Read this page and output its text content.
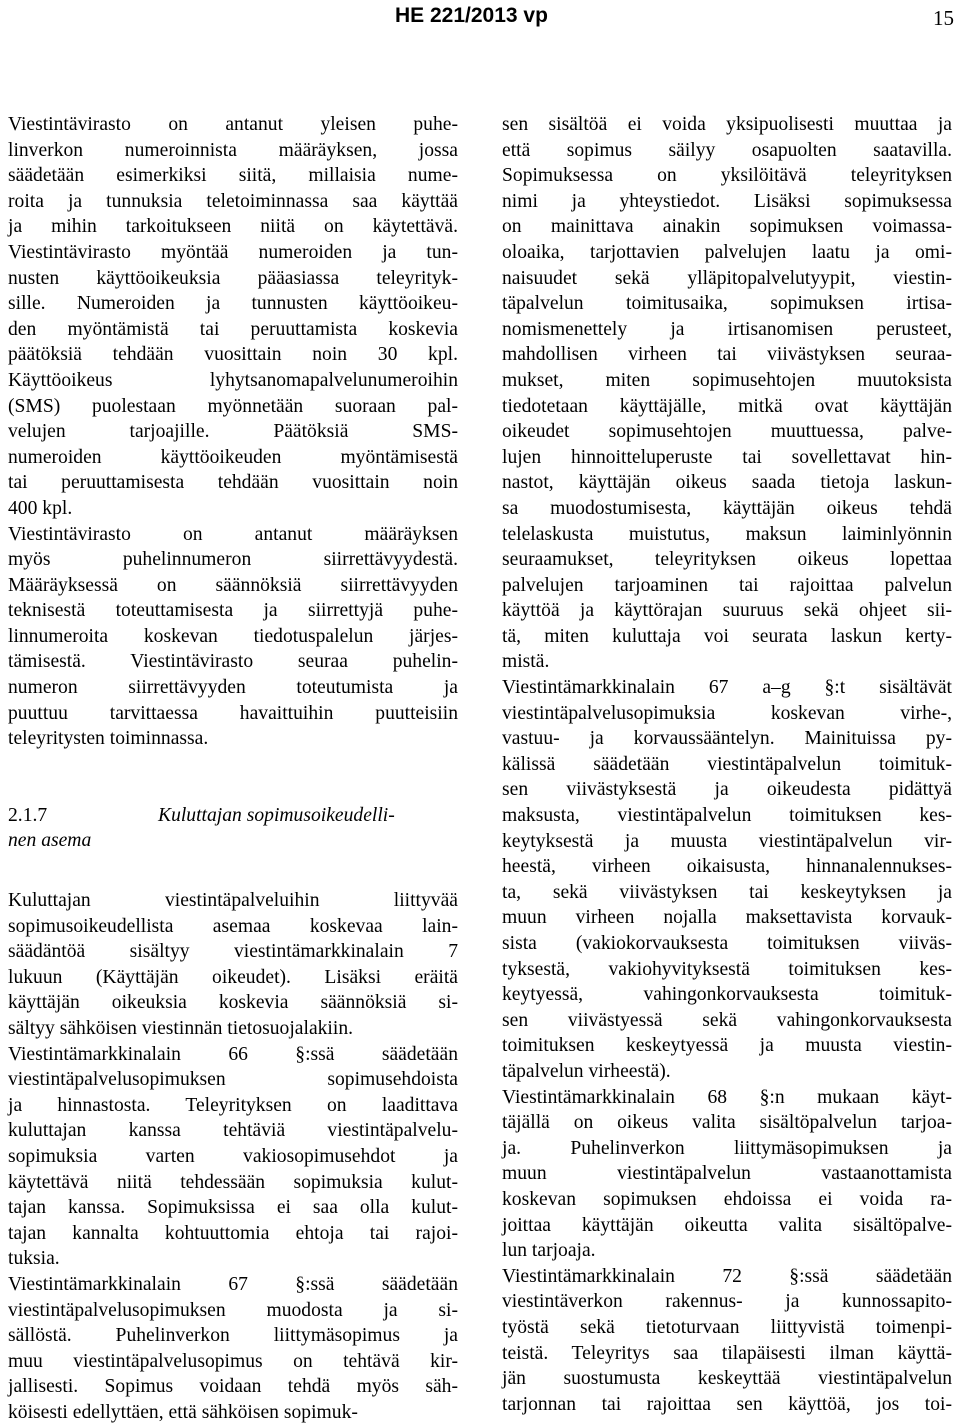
HE 221/2013 vp	15
Viestintävirasto on antanut yleisen puhe-
linverkon numeroinnista määräyksen, jossa
säädetään esimerkiksi siitä, millaisia nume-
roita ja tunnuksia teletoiminnassa saa käyttää
ja mihin tarkoitukseen niitä on käytettävä.
Viestintävirasto myöntää numeroiden ja tun-
nusten käyttöoikeuksia pääasiassa teleyrityk-
sille. Numeroiden ja tunnusten käyttöoikeu-
den myöntämistä tai peruuttamista koskevia
päätöksiä tehdään vuosittain noin 30 kpl.
Käyttöoikeus lyhytsanomapalvelunumeroihin
(SMS) puolestaan myönnetään suoraan pal-
velujen tarjoajille. Päätöksiä SMS-
numeroiden käyttöoikeuden myöntämisestä
tai peruuttamisesta tehdään vuosittain noin
400 kpl.
Viestintävirasto on antanut määräyksen
myös puhelinnumeron siirrettävyydestä.
Määräyksessä on säännöksiä siirrettävyyden
teknisestä toteuttamisesta ja siirrettyjä puhe-
linnumeroita koskevan tiedotuspalelun järjes-
tämisestä. Viestintävirasto seuraa puhelin-
numeron siirrettävyyden toteutumista ja
puuttuu tarvittaessa havaittuihin puutteisiin
teleyritysten toiminnassa.
2.1.7	Kuluttajan sopimusoikeudelli-
nen asema
Kuluttajan viestintäpalveluihin liittyvää
sopimusoikeudellista asemaa koskevaa lain-
säädäntöä sisältyy viestintämarkkinalain 7
lukuun (Käyttäjän oikeudet). Lisäksi eräitä
käyttäjän oikeuksia koskevia säännöksiä si-
sältyy sähköisen viestinnän tietosuojalakiin.
Viestintämarkkinalain 66 §:ssä säädetään
viestintäpalvelusopimuksen sopimusehdoista
ja hinnastosta. Teleyrityksen on laadittava
kuluttajan kanssa tehtäviä viestintäpalvelu-
sopimuksia varten vakiosopimusehdot ja
käytettävä niitä tehdessään sopimuksia kulut-
tajan kanssa. Sopimuksissa ei saa olla kulut-
tajan kannalta kohtuuttomia ehtoja tai rajoi-
tuksia.
Viestintämarkkinalain 67 §:ssä säädetään
viestintäpalvelusopimuksen muodosta ja si-
sällöstä. Puhelinverkon liittymäsopimus ja
muu viestintäpalvelusopimus on tehtävä kir-
jallisesti. Sopimus voidaan tehdä myös säh-
köisesti edellyttäen, että sähköisen sopimuk-
sen sisältöä ei voida yksipuolisesti muuttaa ja
että sopimus säilyy osapuolten saatavilla.
Sopimuksessa on yksilöitävä teleyrityksen
nimi ja yhteystiedot. Lisäksi sopimuksessa
on mainittava ainakin sopimuksen voimassa-
oloaika, tarjottavien palvelujen laatu ja omi-
naisuudet sekä ylläpitopalvelutyypit, viestin-
täpalvelun toimitusaika, sopimuksen irtisa-
nomismenettely ja irtisanomisen perusteet,
mahdollisen virheen tai viivästyksen seuraa-
mukset, miten sopimusehtojen muutoksista
tiedotetaan käyttäjälle, mitkä ovat käyttäjän
oikeudet sopimusehtojen muuttuessa, palve-
lujen hinnoitteluperuste tai sovellettavat hin-
nastot, käyttäjän oikeus saada tietoja laskun-
sa muodostumisesta, käyttäjän oikeus tehdä
telelaskusta muistutus, maksun laiminlyönnin
seuraamukset, teleyrityksen oikeus lopettaa
palvelujen tarjoaminen tai rajoittaa palvelun
käyttöä ja käyttörajan suuruus sekä ohjeet sii-
tä, miten kuluttaja voi seurata laskun kerty-
mistä.
Viestintämarkkinalain 67 a–g §:t sisältävät
viestintäpalvelusopimuksia koskevan virhe-,
vastuu- ja korvaussääntelyn. Mainituissa py-
kälissä säädetään viestintäpalvelun toimituk-
sen viivästyksestä ja oikeudesta pidättyä
maksusta, viestintäpalvelun toimituksen kes-
keytyksestä ja muusta viestintäpalvelun vir-
heestä, virheen oikaisusta, hinnanalennukses-
ta, sekä viivästyksen tai keskeytyksen ja
muun virheen nojalla maksettavista korvauk-
sista (vakiokorvauksesta toimituksen viiväs-
tyksestä, vakiohyvityksestä toimituksen kes-
keytyessä, vahingonkorvauksesta toimituk-
sen viivästyessä sekä vahingonkorvauksesta
toimituksen keskeytyessä ja muusta viestin-
täpalvelun virheestä).
Viestintämarkkinalain 68 §:n mukaan käyt-
täjällä on oikeus valita sisältöpalvelun tarjoa-
ja. Puhelinverkon liittymäsopimuksen ja
muun viestintäpalvelun vastaanottamista
koskevan sopimuksen ehdoissa ei voida ra-
joittaa käyttäjän oikeutta valita sisältöpalve-
lun tarjoaja.
Viestintämarkkinalain 72 §:ssä säädetään
viestintäverkon rakennus- ja kunnossapito-
työstä sekä tietoturvaan liittyvistä toimenpi-
teistä. Teleyritys saa tilapäisesti ilman käyttä-
jän suostumusta keskeyttää viestintäpalvelun
tarjonnan tai rajoittaa sen käyttöä, jos toi-
